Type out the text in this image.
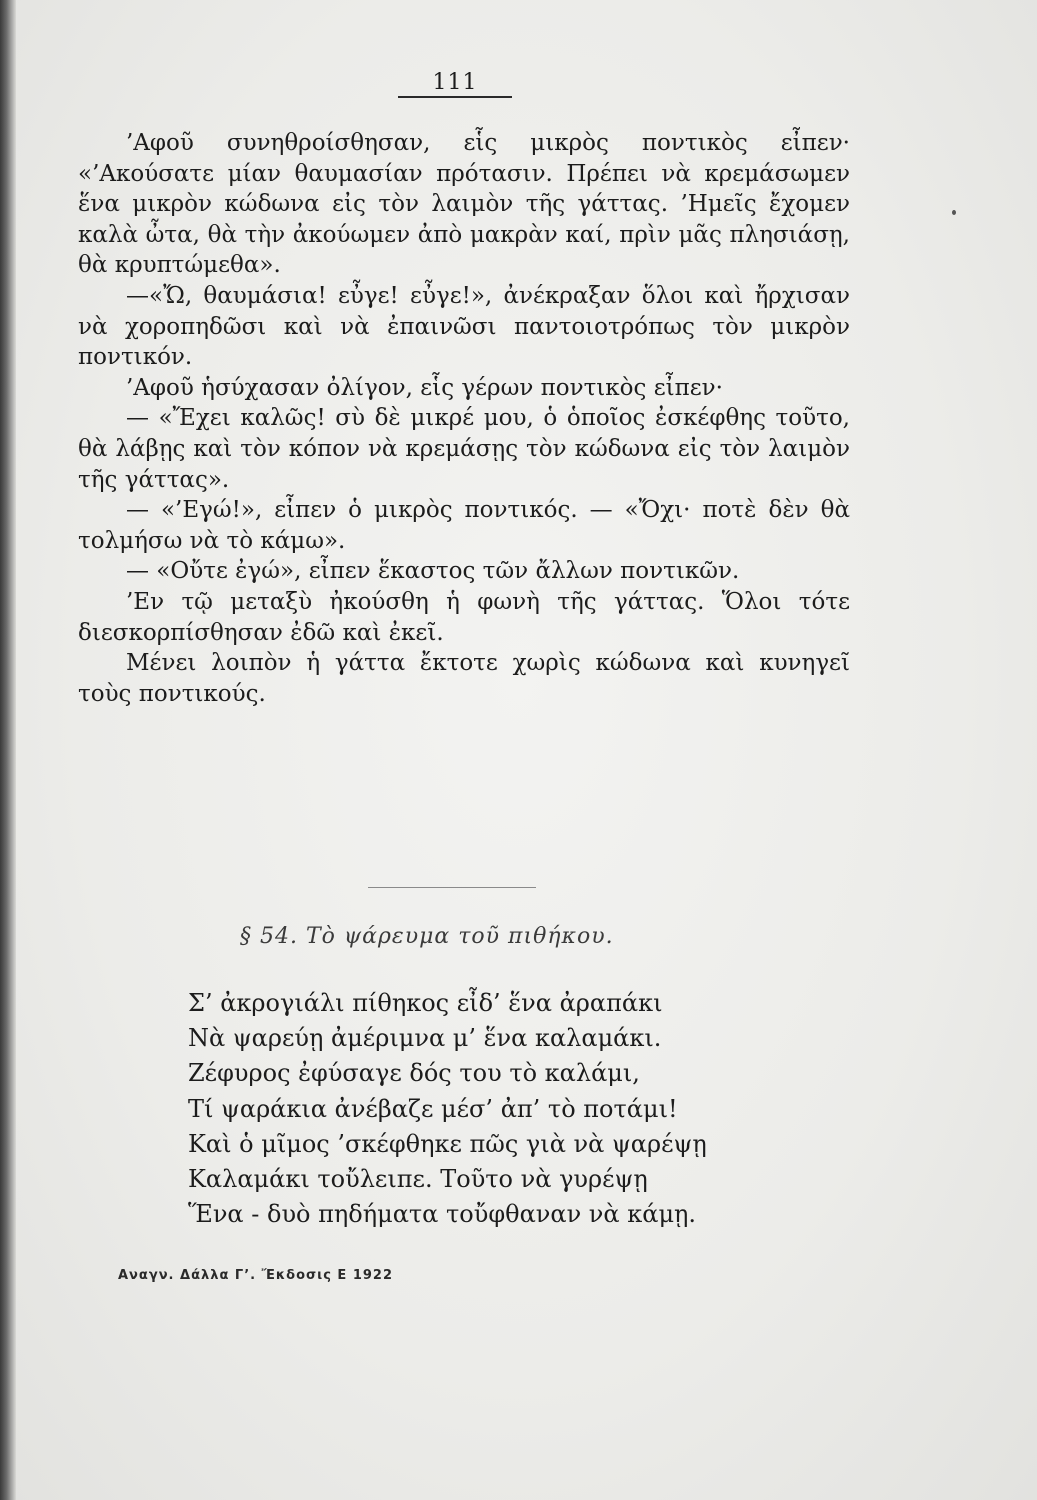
111

’Αφοῦ συνηθροίσθησαν, εἷς μικρὸς ποντικὸς εἶπεν· «’Ακούσατε μίαν θαυμασίαν πρότασιν. Πρέπει νὰ κρεμάσωμεν ἕνα μικρὸν κώδωνα εἰς τὸν λαιμὸν τῆς γάττας. ’Ημεῖς ἔχομεν καλὰ ὦτα, θὰ τὴν ἀκούωμεν ἀπὸ μακρὰν καί, πρὶν μᾶς πλησιάσῃ, θὰ κρυπτώμεθα».

—«Ὤ, θαυμάσια! εὖγε! εὖγε!», ἀνέκραξαν ὅλοι καὶ ἤρχισαν νὰ χοροπηδῶσι καὶ νὰ ἐπαινῶσι παντοιοτρόπως τὸν μικρὸν ποντικόν.

’Αφοῦ ἡσύχασαν ὀλίγον, εἷς γέρων ποντικὸς εἶπεν·

— «Ἔχει καλῶς! σὺ δὲ μικρέ μου, ὁ ὁποῖος ἐσκέφθης τοῦτο, θὰ λάβῃς καὶ τὸν κόπον νὰ κρεμάσῃς τὸν κώδωνα εἰς τὸν λαιμὸν τῆς γάττας».

— «’Εγώ!», εἶπεν ὁ μικρὸς ποντικός. — «Ὄχι· ποτὲ δὲν θὰ τολμήσω νὰ τὸ κάμω».

— «Οὔτε ἐγώ», εἶπεν ἕκαστος τῶν ἄλλων ποντικῶν.

’Εν τῷ μεταξὺ ἠκούσθη ἡ φωνὴ τῆς γάττας. Ὅλοι τότε διεσκορπίσθησαν ἐδῶ καὶ ἐκεῖ.

Μένει λοιπὸν ἡ γάττα ἔκτοτε χωρὶς κώδωνα καὶ κυνηγεῖ τοὺς ποντικούς.

§ 54. Τὸ ψάρευμα τοῦ πιθήκου.
Σ’ ἀκρογιάλι πίθηκος εἶδ’ ἕνα ἀραπάκι
Νὰ ψαρεύῃ ἀμέριμνα μ’ ἕνα καλαμάκι.
Ζέφυρος ἐφύσαγε δός του τὸ καλάμι,
Τί ψαράκια ἀνέβαζε μέσ’ ἀπ’ τὸ ποτάμι!
Καὶ ὁ μῖμος ’σκέφθηκε πῶς γιὰ νὰ ψαρέψῃ
Καλαμάκι τοὔλειπε. Τοῦτο νὰ γυρέψῃ
Ἕνα - δυὸ πηδήματα τοὔφθαναν νὰ κάμῃ.
Αναγν. Δάλλα Γ’. Ἔκδοσις Ε 1922
